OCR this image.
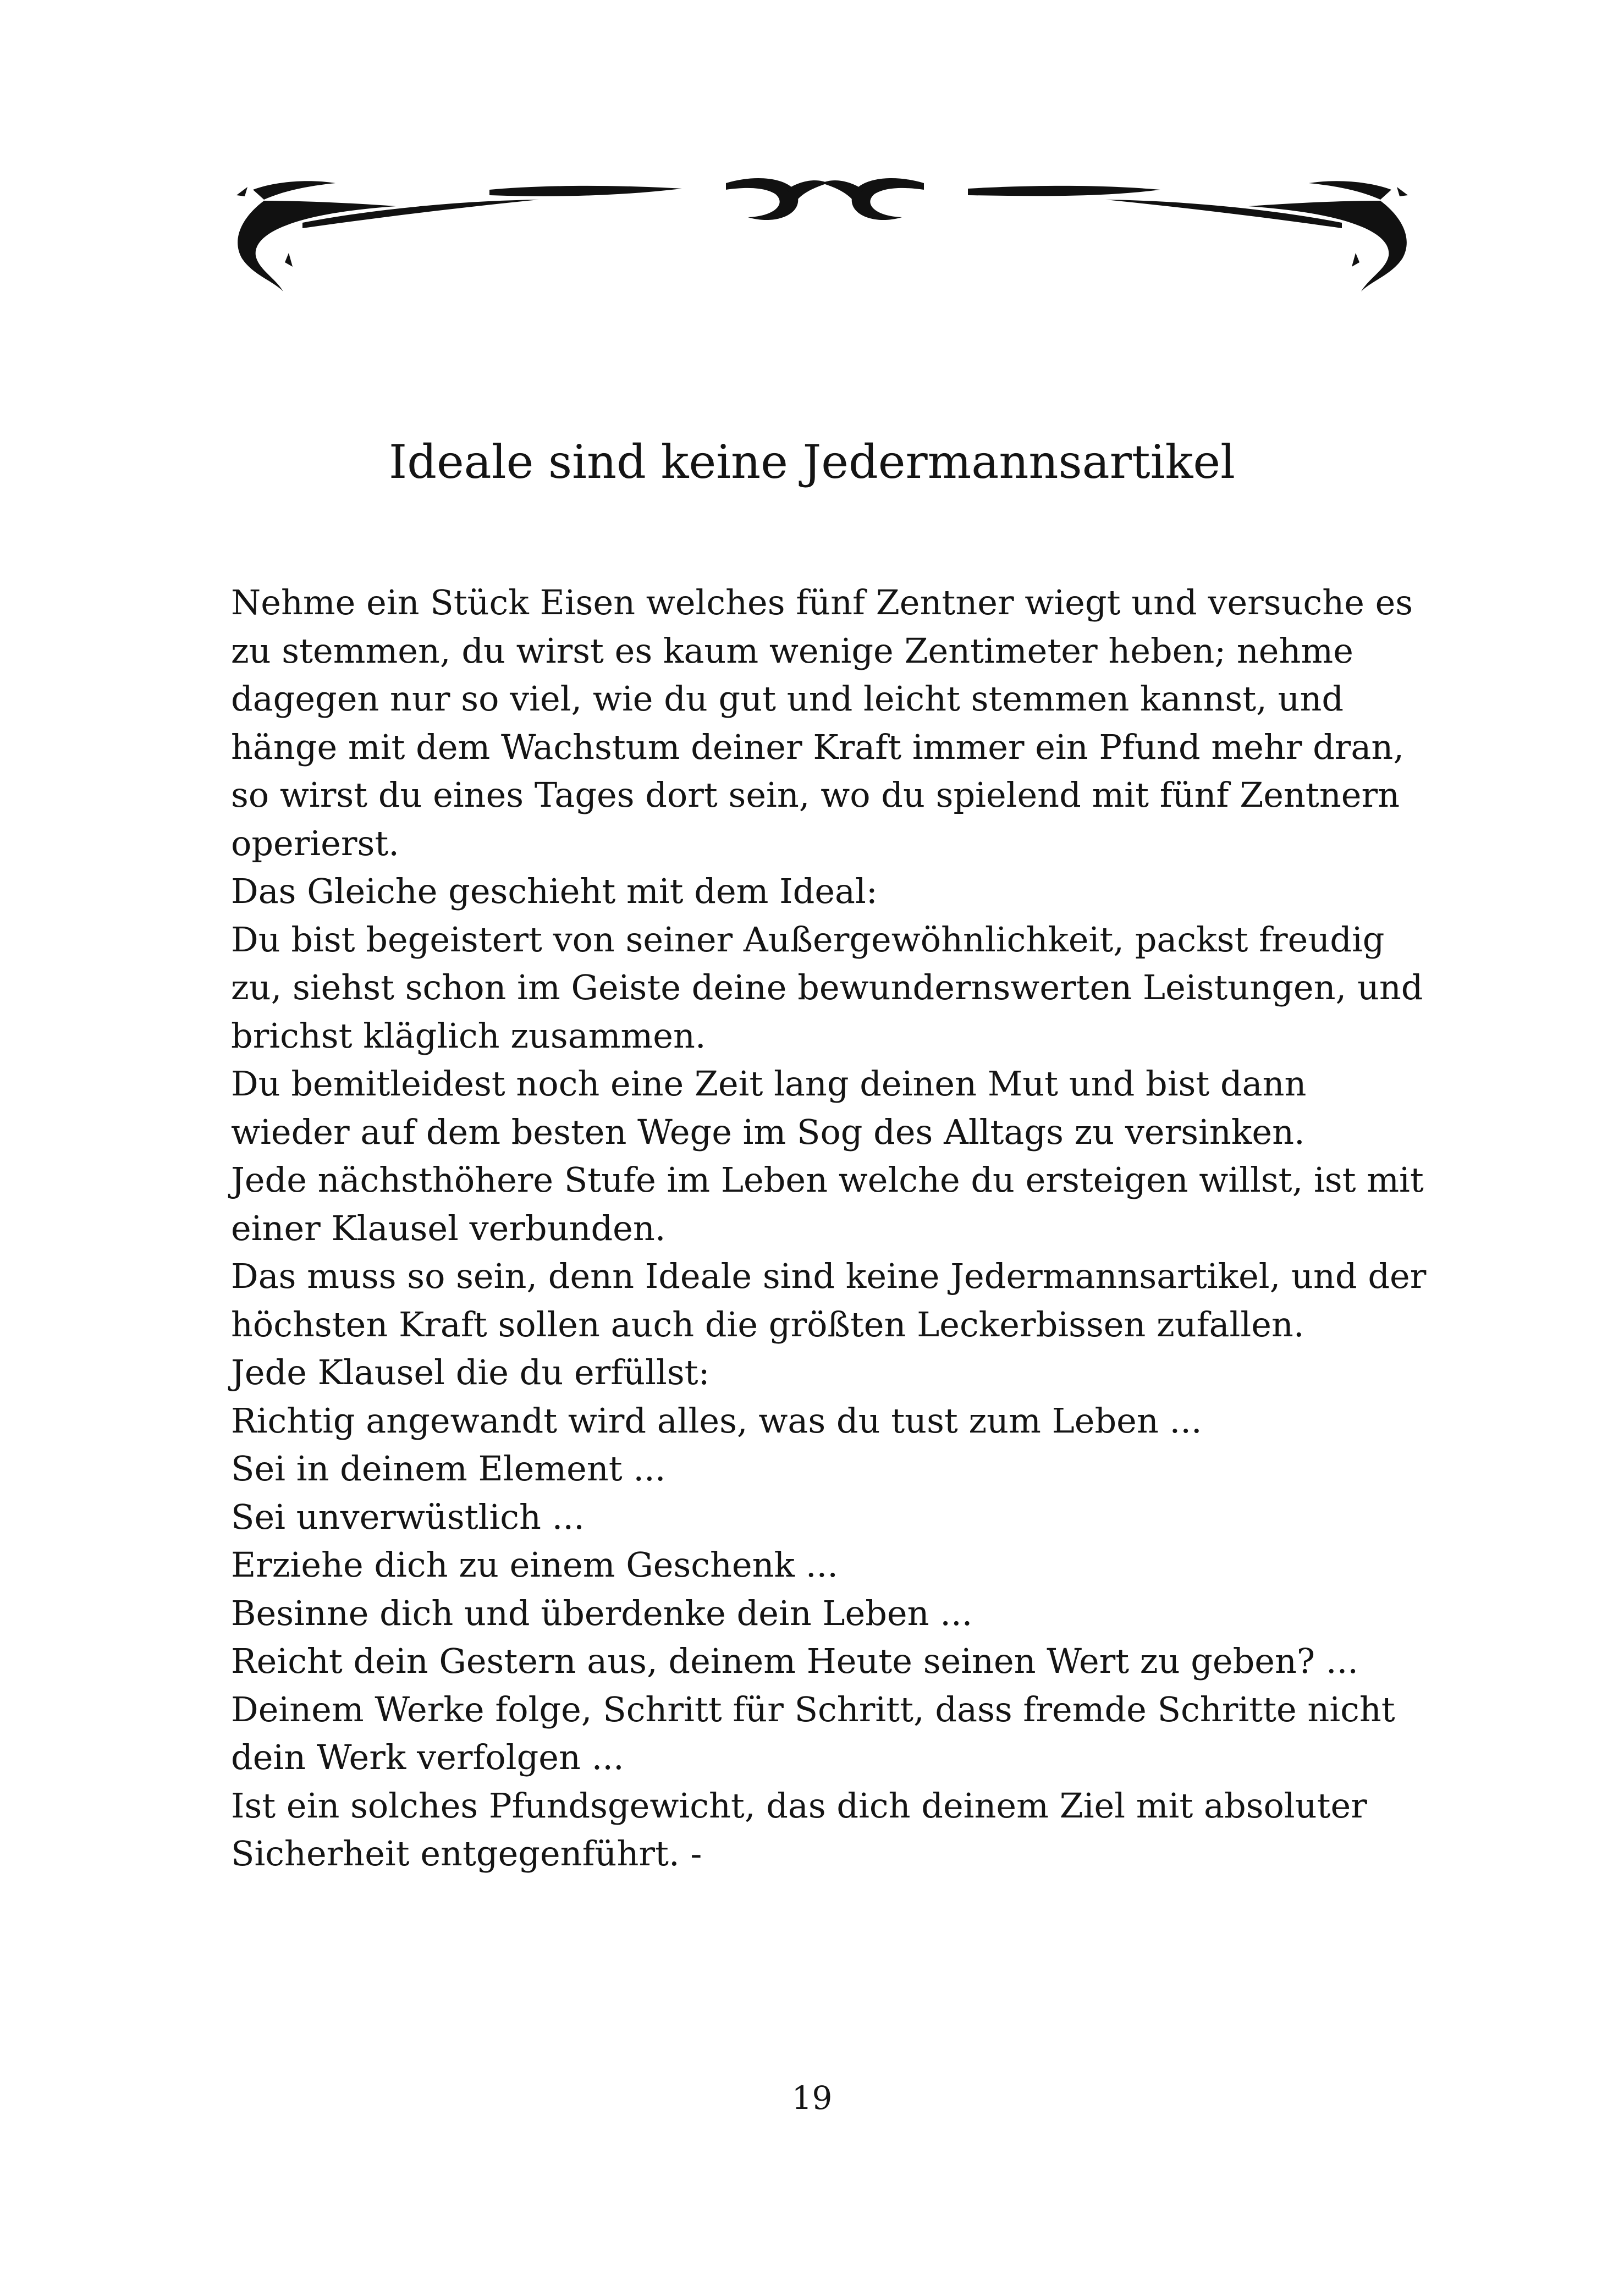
Ideale sind keine Jedermannsartikel
Nehme ein Stück Eisen welches fünf Zentner wiegt und versuche es
zu stemmen, du wirst es kaum wenige Zentimeter heben; nehme
dagegen nur so viel, wie du gut und leicht stemmen kannst, und
hänge mit dem Wachstum deiner Kraft immer ein Pfund mehr dran,
so wirst du eines Tages dort sein, wo du spielend mit fünf Zentnern
operierst.
Das Gleiche geschieht mit dem Ideal:
Du bist begeistert von seiner Außergewöhnlichkeit, packst freudig
zu, siehst schon im Geiste deine bewundernswerten Leistungen, und
brichst kläglich zusammen.
Du bemitleidest noch eine Zeit lang deinen Mut und bist dann
wieder auf dem besten Wege im Sog des Alltags zu versinken.
Jede nächsthöhere Stufe im Leben welche du ersteigen willst, ist mit
einer Klausel verbunden.
Das muss so sein, denn Ideale sind keine Jedermannsartikel, und der
höchsten Kraft sollen auch die größten Leckerbissen zufallen.
Jede Klausel die du erfüllst:
Richtig angewandt wird alles, was du tust zum Leben ...
Sei in deinem Element ...
Sei unverwüstlich ...
Erziehe dich zu einem Geschenk ...
Besinne dich und überdenke dein Leben ...
Reicht dein Gestern aus, deinem Heute seinen Wert zu geben? ...
Deinem Werke folge, Schritt für Schritt, dass fremde Schritte nicht
dein Werk verfolgen ...
Ist ein solches Pfundsgewicht, das dich deinem Ziel mit absoluter
Sicherheit entgegenführt. -
19
